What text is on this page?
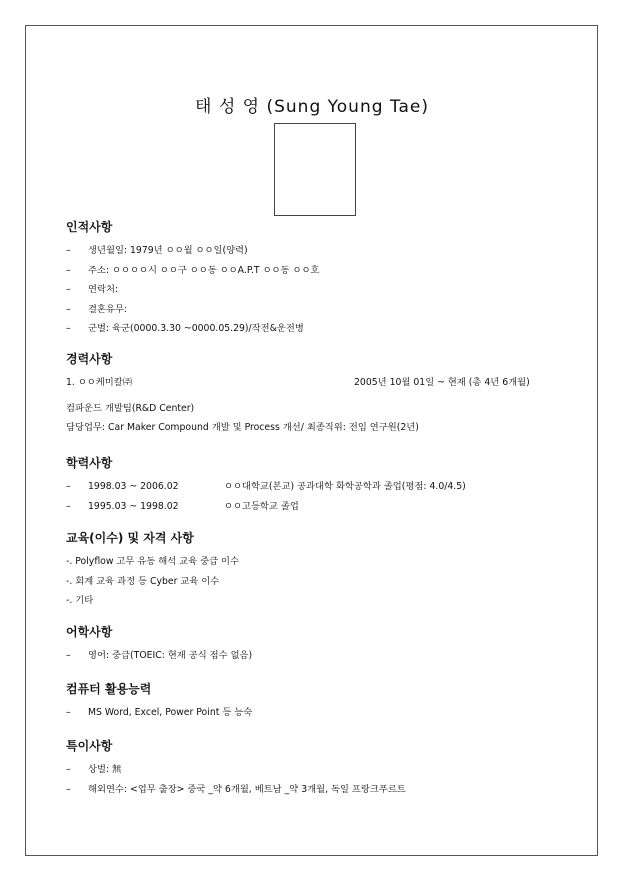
태 성 영 (Sung Young Tae)
인적사항
– 생년월일: 1979년 ㅇㅇ월 ㅇㅇ일(양력)
– 주소: ㅇㅇㅇㅇ시 ㅇㅇ구 ㅇㅇ동 ㅇㅇA.P.T ㅇㅇ동 ㅇㅇ호
– 연락처:
– 결혼유무:
– 군별: 육군(0000.3.30 ~0000.05.29)/작전&운전병
경력사항
1. ㅇㅇ케미칼㈜	2005년 10월 01일 ~ 현재 (총 4년 6개월)
컴파운드 개발팀(R&D Center)
담당업무: Car Maker Compound 개발 및 Process 개선/ 최종직위: 전임 연구원(2년)
학력사항
– 1998.03 ~ 2006.02	ㅇㅇ대학교(본교) 공과대학 화학공학과 졸업(평점: 4.0/4.5)
– 1995.03 ~ 1998.02	ㅇㅇ고등학교 졸업
교육(이수) 및 자격 사항
-. Polyflow 고무 유동 해석 교육 중급 이수
-. 회계 교육 과정 등 Cyber 교육 이수
-. 기타
어학사항
– 영어: 중급(TOEIC: 현재 공식 점수 없음)
컴퓨터 활용능력
– MS Word, Excel, Power Point 등 능숙
특이사항
– 상벌: 無
– 해외연수: <업무 출장> 중국 _약 6개월, 베트남 _약 3개월, 독일 프랑크푸르트
